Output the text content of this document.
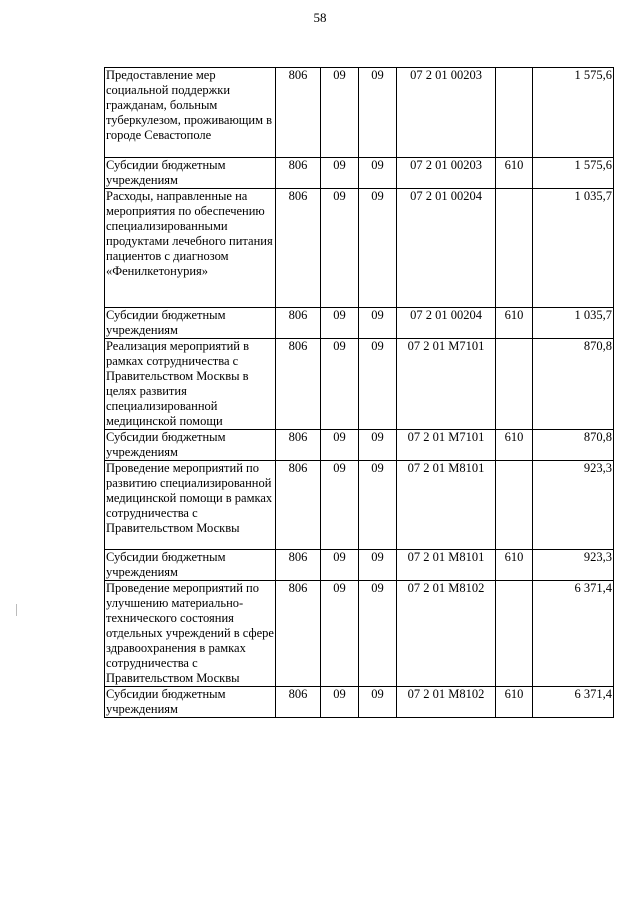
58
Предоставление мер социальной поддержки гражданам, больным туберкулезом, проживающим в городе Севастополе	806	09	09	07 2 01 00203		1 575,6
Субсидии бюджетным учреждениям	806	09	09	07 2 01 00203	610	1 575,6
Расходы, направленные на мероприятия по обеспечению специализированными продуктами лечебного питания пациентов с диагнозом «Фенилкетонурия»	806	09	09	07 2 01 00204		1 035,7
Субсидии бюджетным учреждениям	806	09	09	07 2 01 00204	610	1 035,7
Реализация мероприятий в рамках сотрудничества с Правительством Москвы в целях развития специализированной медицинской помощи	806	09	09	07 2 01 M7101		870,8
Субсидии бюджетным учреждениям	806	09	09	07 2 01 M7101	610	870,8
Проведение мероприятий по развитию специализированной медицинской помощи в рамках сотрудничества с Правительством Москвы	806	09	09	07 2 01 M8101		923,3
Субсидии бюджетным учреждениям	806	09	09	07 2 01 M8101	610	923,3
Проведение мероприятий по улучшению материально-технического состояния отдельных учреждений в сфере здравоохранения в рамках сотрудничества с Правительством Москвы	806	09	09	07 2 01 M8102		6 371,4
Субсидии бюджетным учреждениям	806	09	09	07 2 01 M8102	610	6 371,4
